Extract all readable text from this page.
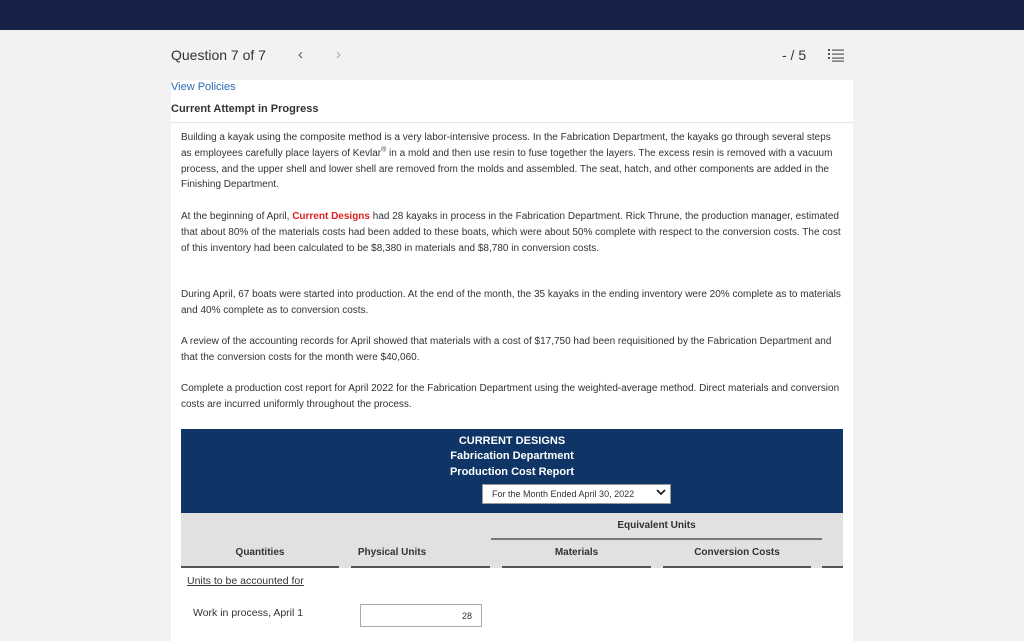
Question 7 of 7 ‹ ›	- / 5
View Policies
Current Attempt in Progress

Building a kayak using the composite method is a very labor-intensive process. In the Fabrication Department, the kayaks go through several steps as employees carefully place layers of Kevlar® in a mold and then use resin to fuse together the layers. The excess resin is removed with a vacuum process, and the upper shell and lower shell are removed from the molds and assembled. The seat, hatch, and other components are added in the Finishing Department.

At the beginning of April, Current Designs had 28 kayaks in process in the Fabrication Department. Rick Thrune, the production manager, estimated that about 80% of the materials costs had been added to these boats, which were about 50% complete with respect to the conversion costs. The cost of this inventory had been calculated to be $8,380 in materials and $8,780 in conversion costs.

During April, 67 boats were started into production. At the end of the month, the 35 kayaks in the ending inventory were 20% complete as to materials and 40% complete as to conversion costs.

A review of the accounting records for April showed that materials with a cost of $17,750 had been requisitioned by the Fabrication Department and that the conversion costs for the month were $40,060.

Complete a production cost report for April 2022 for the Fabrication Department using the weighted-average method. Direct materials and conversion costs are incurred uniformly throughout the process.

CURRENT DESIGNS
Fabrication Department
Production Cost Report
For the Month Ended April 30, 2022
Equivalent Units
Quantities	Physical Units	Materials	Conversion Costs
Units to be accounted for
Work in process, April 1	28
